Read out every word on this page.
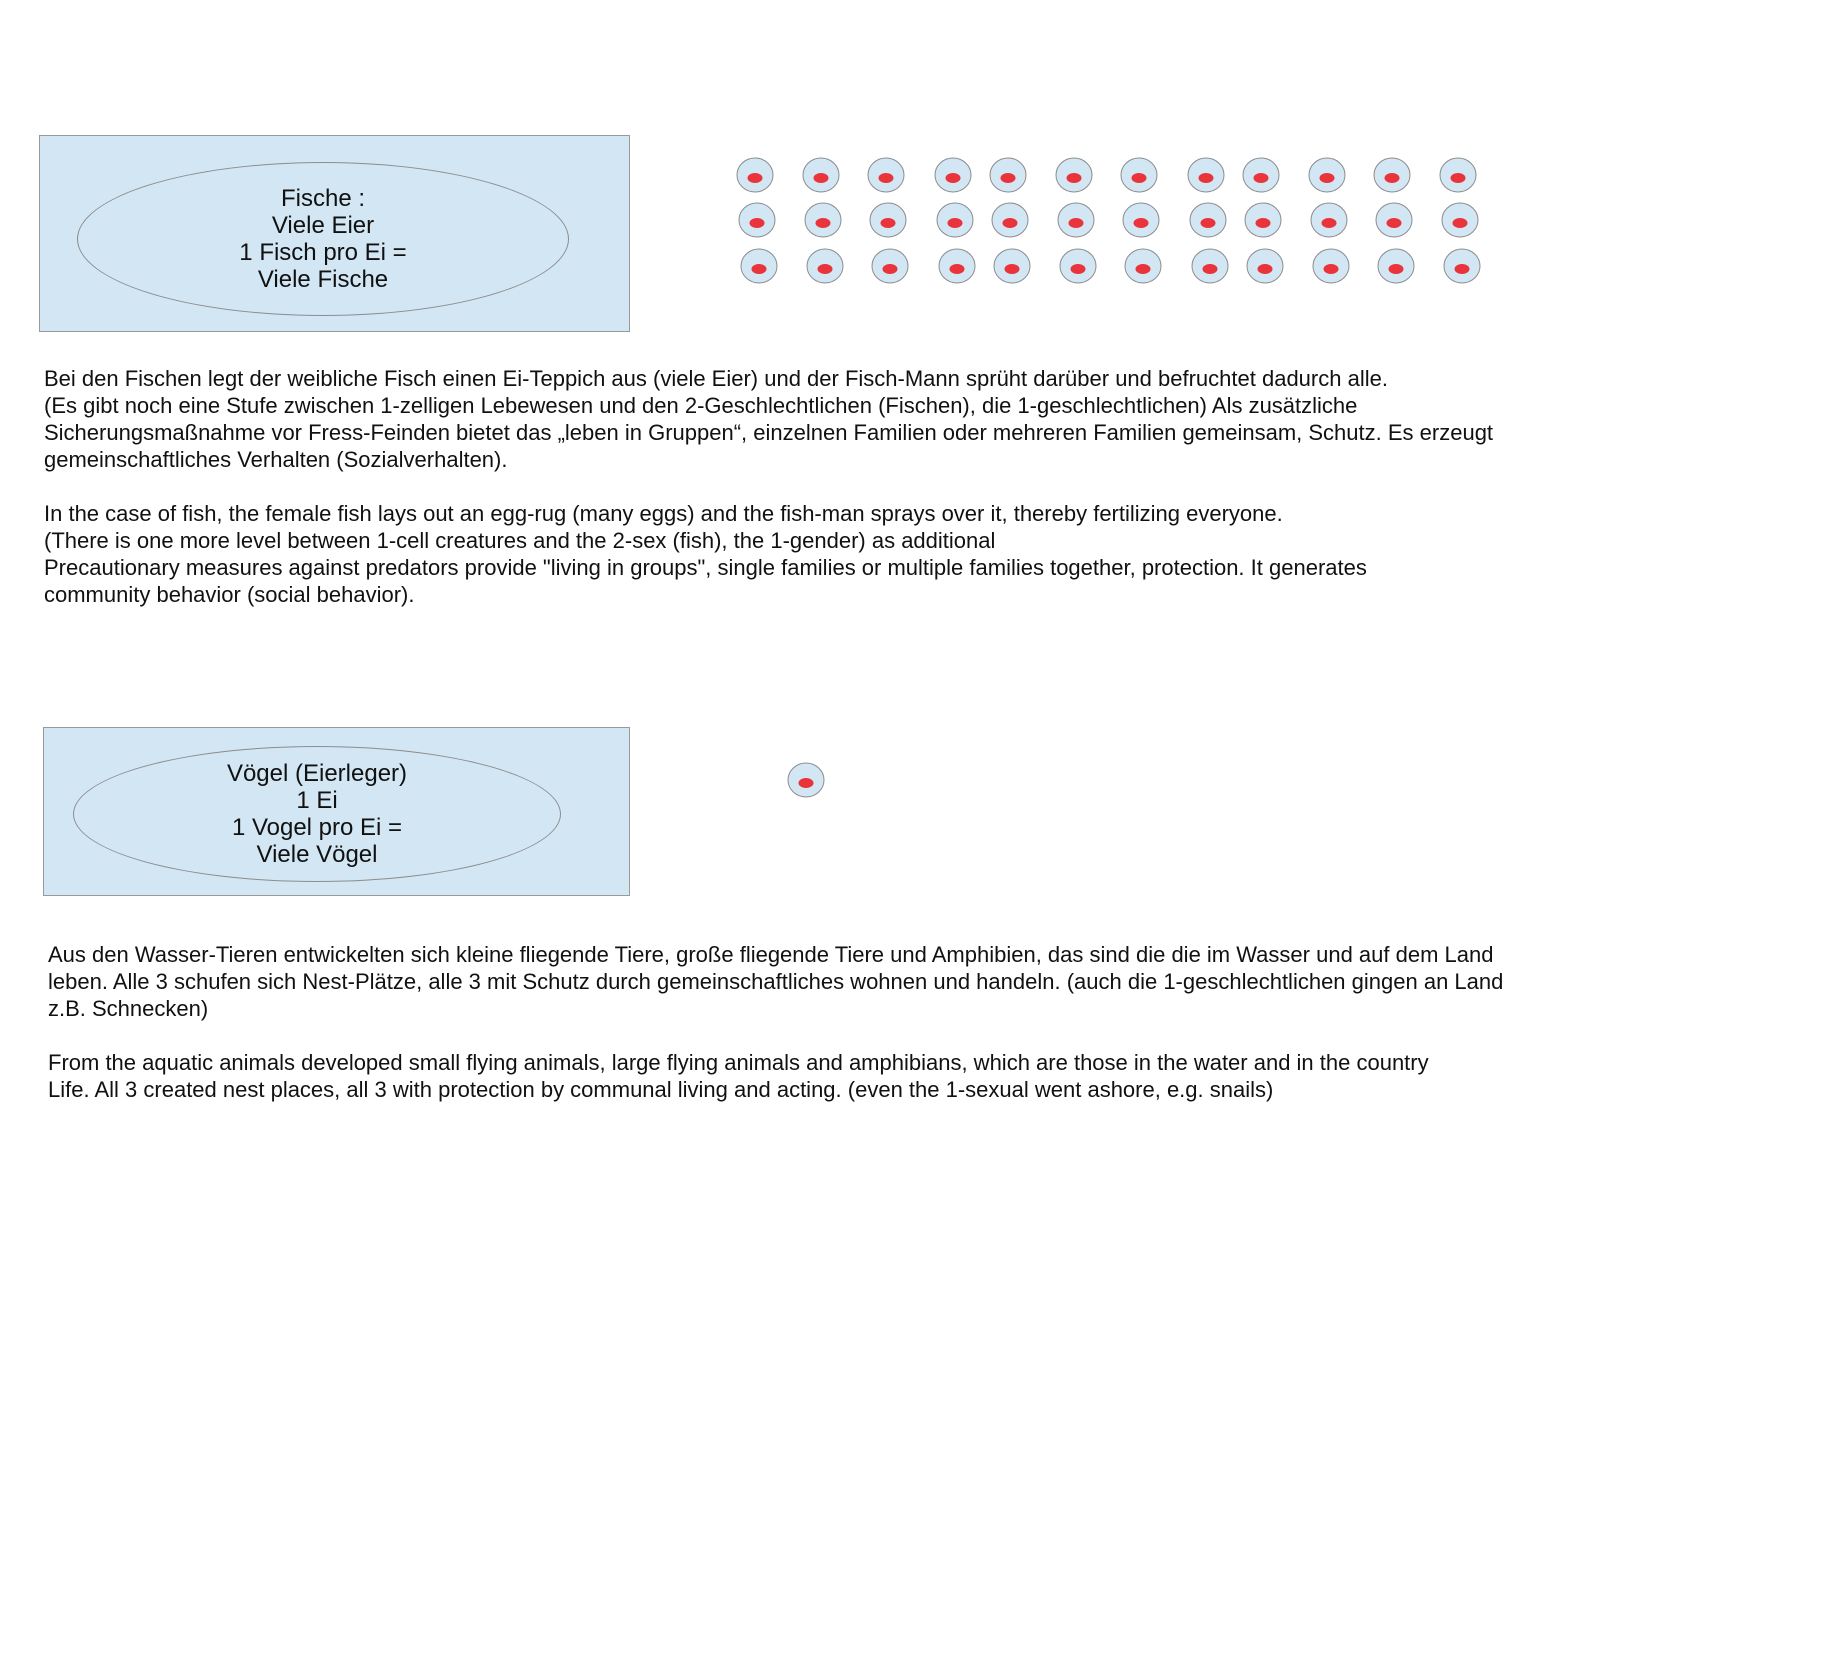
Fische :
Viele Eier
1 Fisch pro Ei =
Viele Fische
Bei den Fischen legt der weibliche Fisch einen Ei-Teppich aus (viele Eier) und der Fisch-Mann sprüht darüber und befruchtet dadurch alle.
(Es gibt noch eine Stufe zwischen 1-zelligen Lebewesen und den 2-Geschlechtlichen (Fischen), die 1-geschlechtlichen) Als zusätzliche
Sicherungsmaßnahme vor Fress-Feinden bietet das „leben in Gruppen“, einzelnen Familien oder mehreren Familien gemeinsam, Schutz. Es erzeugt
gemeinschaftliches Verhalten (Sozialverhalten).
In the case of fish, the female fish lays out an egg-rug (many eggs) and the fish-man sprays over it, thereby fertilizing everyone.
(There is one more level between 1-cell creatures and the 2-sex (fish), the 1-gender) as additional
Precautionary measures against predators provide "living in groups", single families or multiple families together, protection. It generates
community behavior (social behavior).
Vögel (Eierleger)
1 Ei
1 Vogel pro Ei =
Viele Vögel
Aus den Wasser-Tieren entwickelten sich kleine fliegende Tiere, große fliegende Tiere und Amphibien, das sind die die im Wasser und auf dem Land
leben. Alle 3 schufen sich Nest-Plätze, alle 3 mit Schutz durch gemeinschaftliches wohnen und handeln. (auch die 1-geschlechtlichen gingen an Land
z.B. Schnecken)
From the aquatic animals developed small flying animals, large flying animals and amphibians, which are those in the water and in the country
Life. All 3 created nest places, all 3 with protection by communal living and acting. (even the 1-sexual went ashore, e.g. snails)
